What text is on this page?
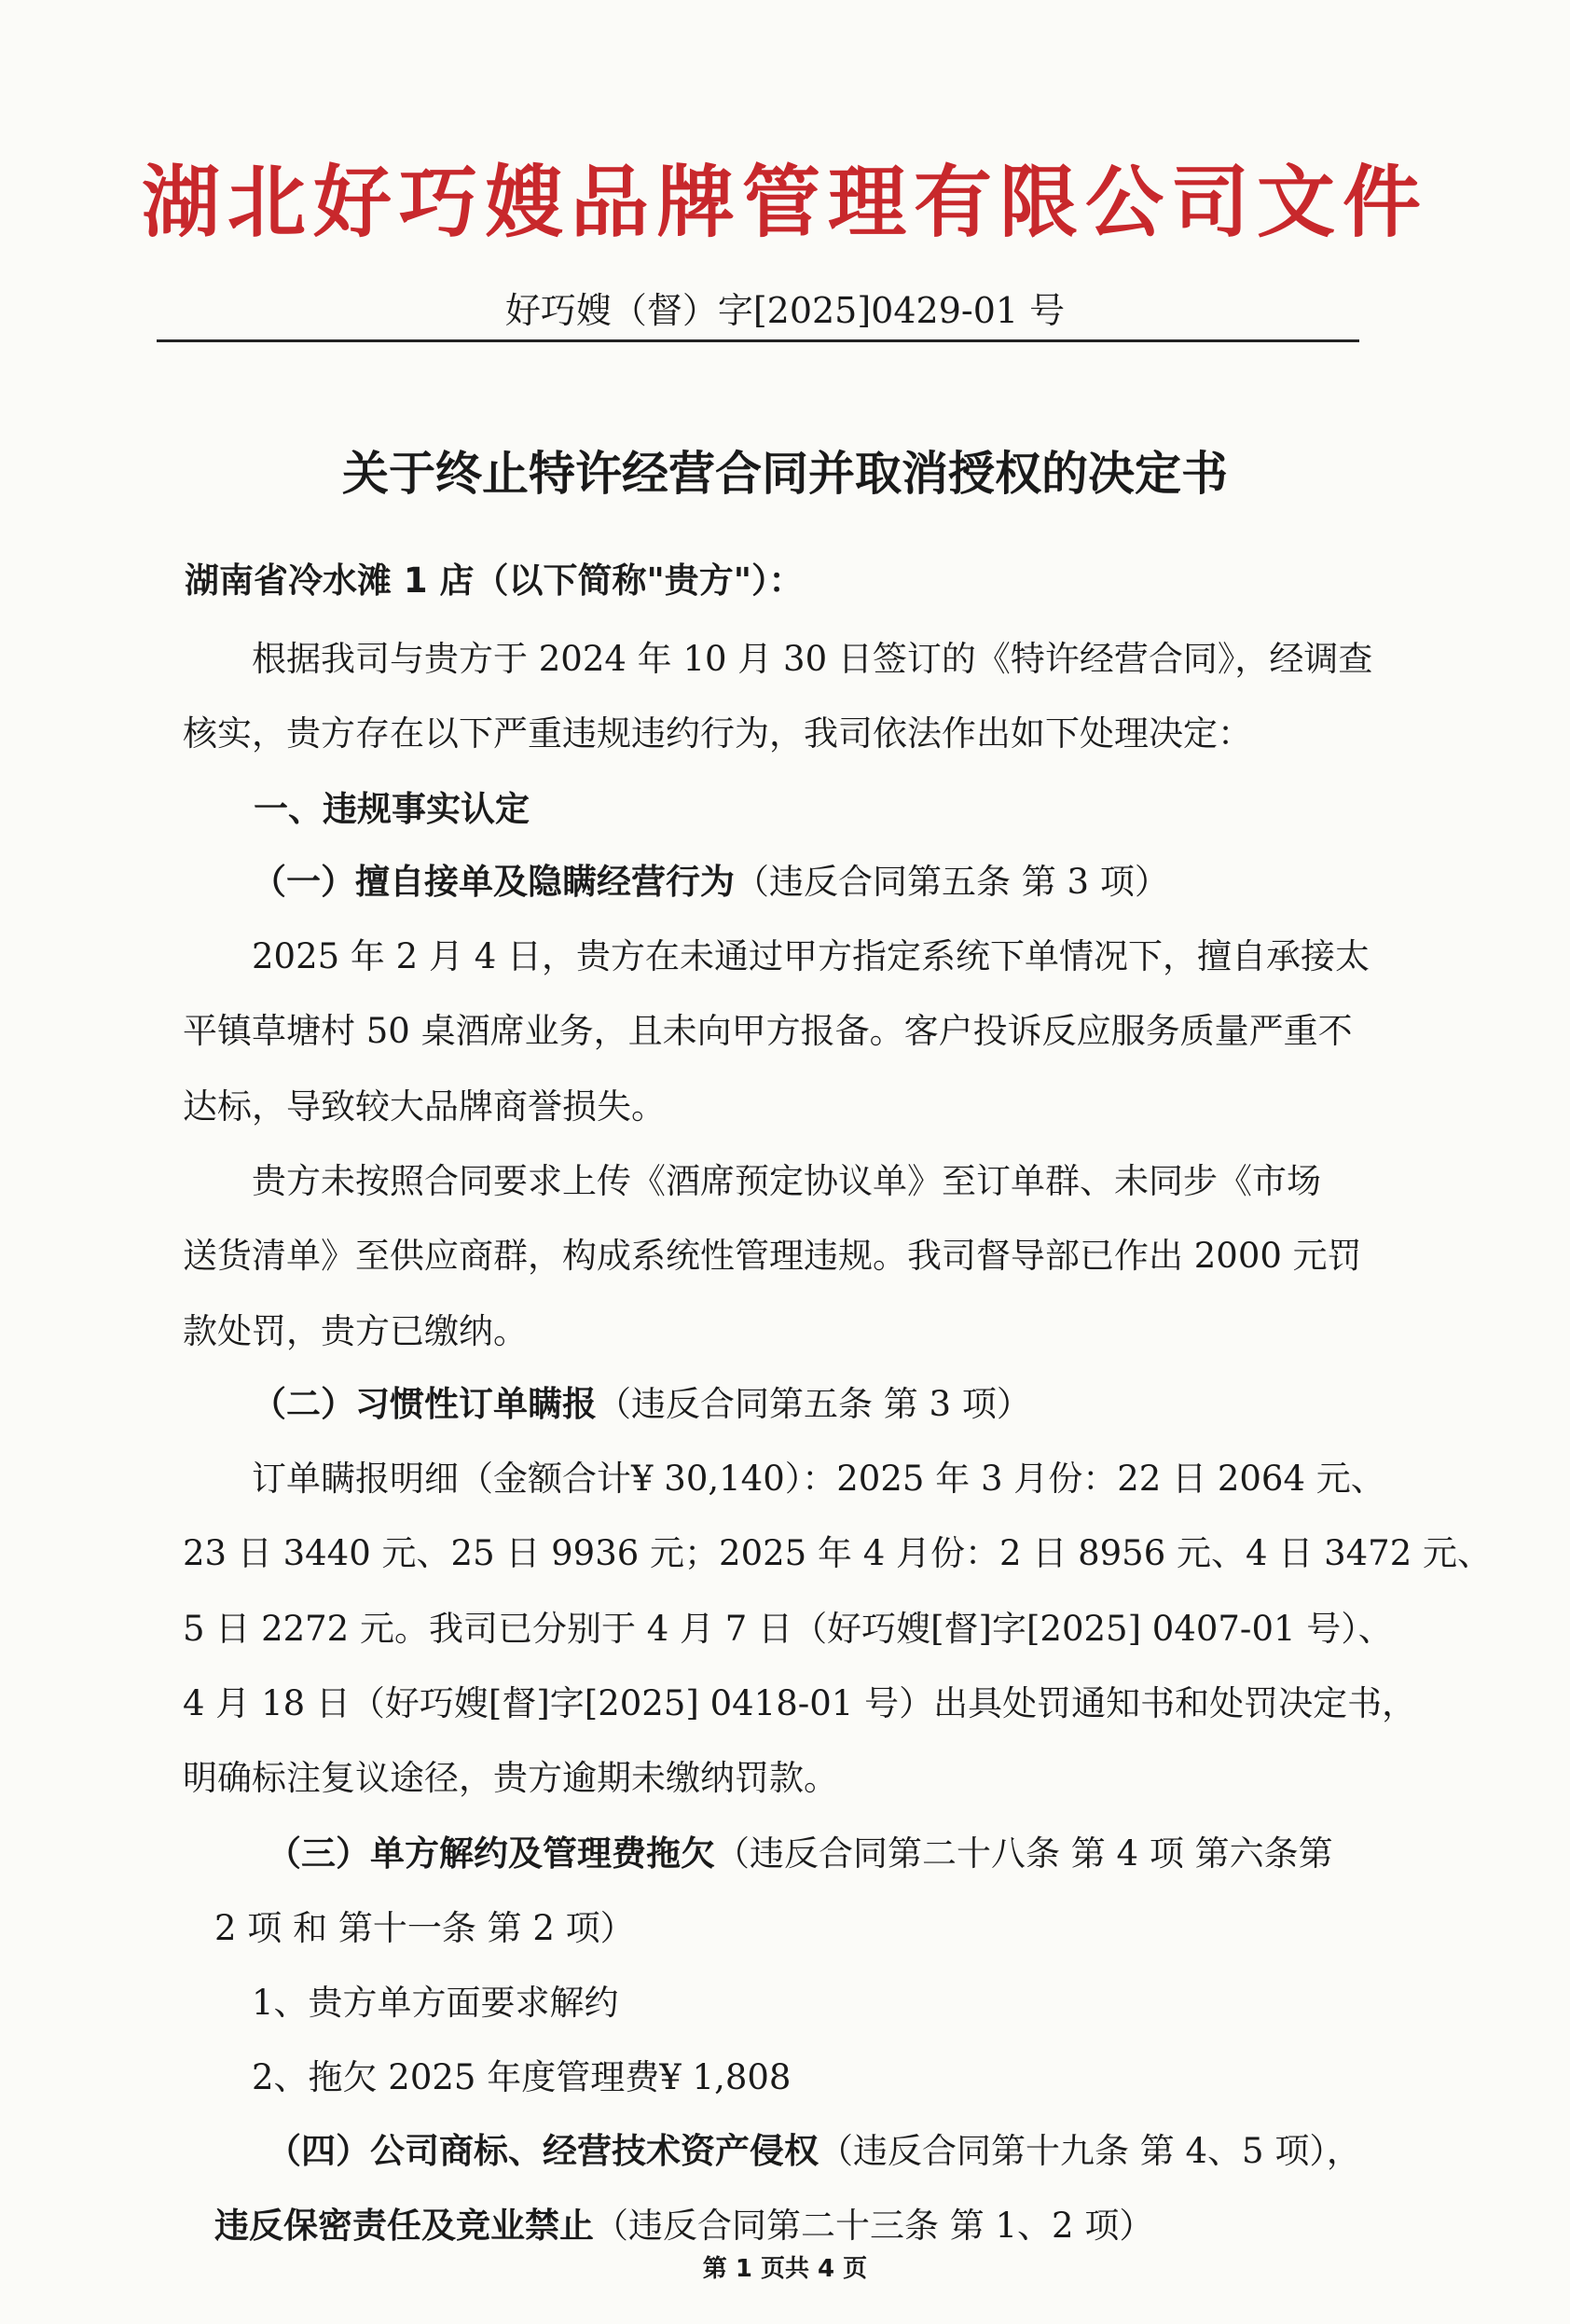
湖北好巧嫂品牌管理有限公司文件
好巧嫂（督）字[2025]0429-01 号
关于终止特许经营合同并取消授权的决定书
湖南省冷水滩 1 店（以下简称"贵方"）：
根据我司与贵方于 2024 年 10 月 30 日签订的《特许经营合同》，经调查
核实，贵方存在以下严重违规违约行为，我司依法作出如下处理决定：
一、违规事实认定
（一）擅自接单及隐瞒经营行为（违反合同第五条 第 3 项）
2025 年 2 月 4 日，贵方在未通过甲方指定系统下单情况下，擅自承接太
平镇草塘村 50 桌酒席业务，且未向甲方报备。客户投诉反应服务质量严重不
达标，导致较大品牌商誉损失。
贵方未按照合同要求上传《酒席预定协议单》至订单群、未同步《市场
送货清单》至供应商群，构成系统性管理违规。我司督导部已作出 2000 元罚
款处罚，贵方已缴纳。
（二）习惯性订单瞒报（违反合同第五条 第 3 项）
订单瞒报明细（金额合计¥ 30,140）：2025 年 3 月份：22 日 2064 元、
23 日 3440 元、25 日 9936 元；2025 年 4 月份：2 日 8956 元、4 日 3472 元、
5 日 2272 元。我司已分别于 4 月 7 日（好巧嫂[督]字[2025] 0407-01 号）、
4 月 18 日（好巧嫂[督]字[2025] 0418-01 号）出具处罚通知书和处罚决定书，
明确标注复议途径，贵方逾期未缴纳罚款。
（三）单方解约及管理费拖欠（违反合同第二十八条 第 4 项 第六条第
2 项 和 第十一条 第 2 项）
1、贵方单方面要求解约
2、拖欠 2025 年度管理费¥ 1,808
（四）公司商标、经营技术资产侵权（违反合同第十九条 第 4、5 项），
违反保密责任及竞业禁止（违反合同第二十三条 第 1、2 项）
第 1 页共 4 页
